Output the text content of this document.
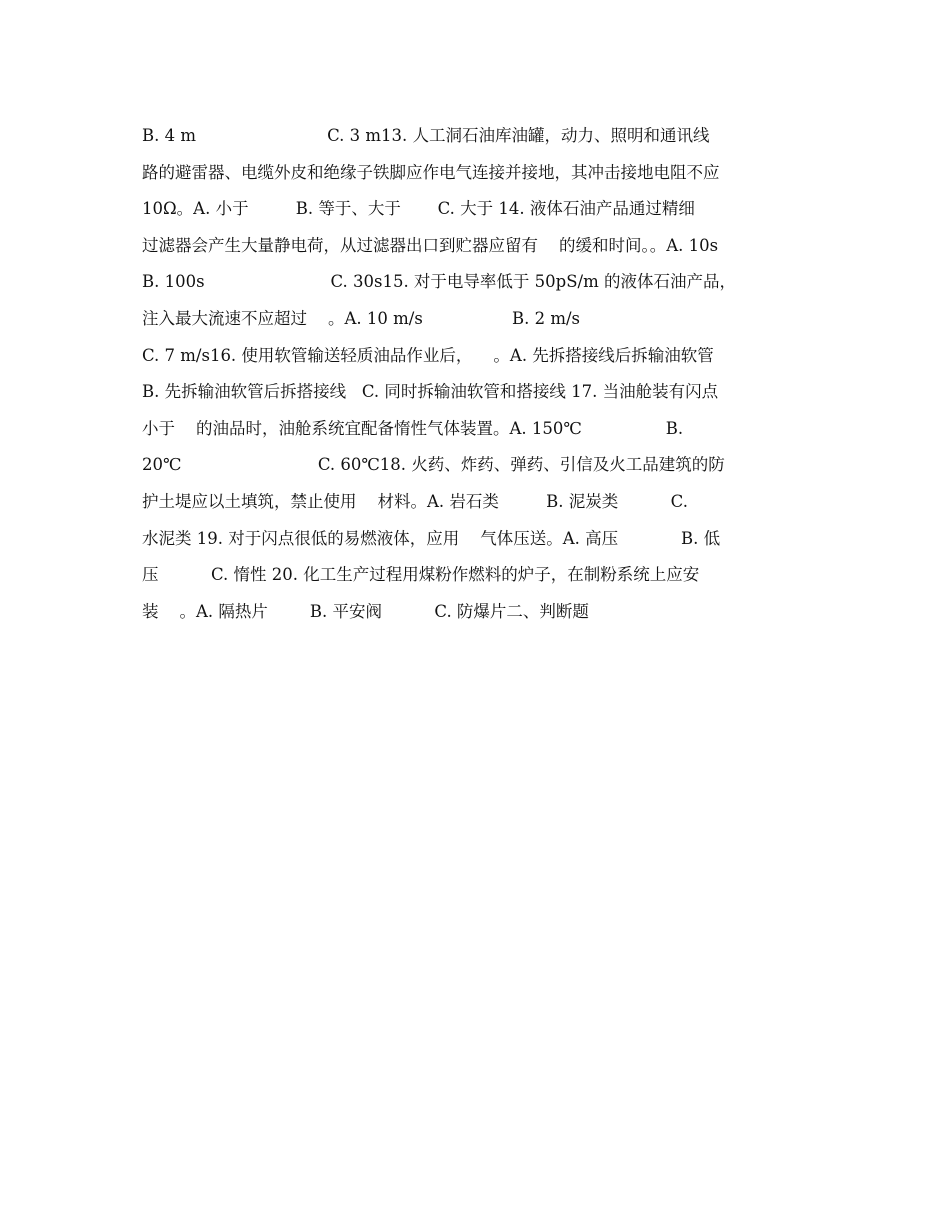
B. 4 m                         C. 3 m13. 人工洞石油库油罐，动力、照明和通讯线
路的避雷器、电缆外皮和绝缘子铁脚应作电气连接并接地，其冲击接地电阻不应
10Ω。A. 小于         B. 等于、大于       C. 大于 14. 液体石油产品通过精细
过滤器会产生大量静电荷，从过滤器出口到贮器应留有    的缓和时间。。A. 10s
B. 100s                        C. 30s15. 对于电导率低于 50pS/m 的液体石油产品，
注入最大流速不应超过    。A. 10 m/s                 B. 2 m/s
C. 7 m/s16. 使用软管输送轻质油品作业后，    。A. 先拆搭接线后拆输油软管
B. 先拆输油软管后拆搭接线   C. 同时拆输油软管和搭接线 17. 当油舱装有闪点
小于    的油品时，油舱系统宜配备惰性气体装置。A. 150℃                B.
20℃                          C. 60℃18. 火药、炸药、弹药、引信及火工品建筑的防
护土堤应以土填筑，禁止使用    材料。A. 岩石类         B. 泥炭类          C.
水泥类 19. 对于闪点很低的易燃液体，应用    气体压送。A. 高压            B. 低
压          C. 惰性 20. 化工生产过程用煤粉作燃料的炉子，在制粉系统上应安
装    。A. 隔热片        B. 平安阀          C. 防爆片二、判断题
